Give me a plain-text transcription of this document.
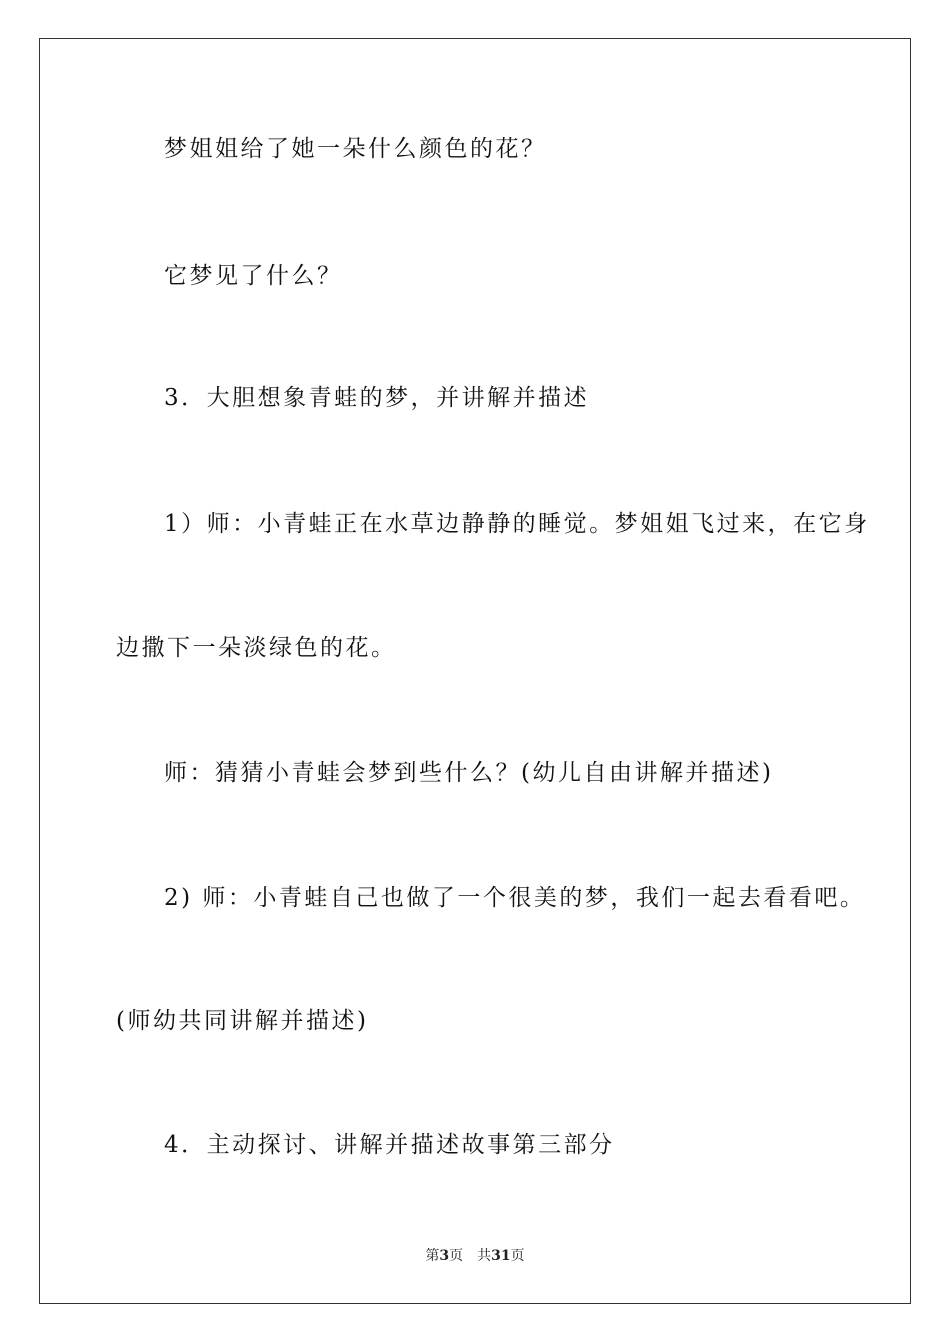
梦姐姐给了她一朵什么颜色的花？
它梦见了什么？
3．大胆想象青蛙的梦，并讲解并描述
1）师：小青蛙正在水草边静静的睡觉。梦姐姐飞过来，在它身
边撒下一朵淡绿色的花。
师：猜猜小青蛙会梦到些什么？(幼儿自由讲解并描述)
2) 师：小青蛙自己也做了一个很美的梦，我们一起去看看吧。
(师幼共同讲解并描述)
4．主动探讨、讲解并描述故事第三部分
第3页 共31页
